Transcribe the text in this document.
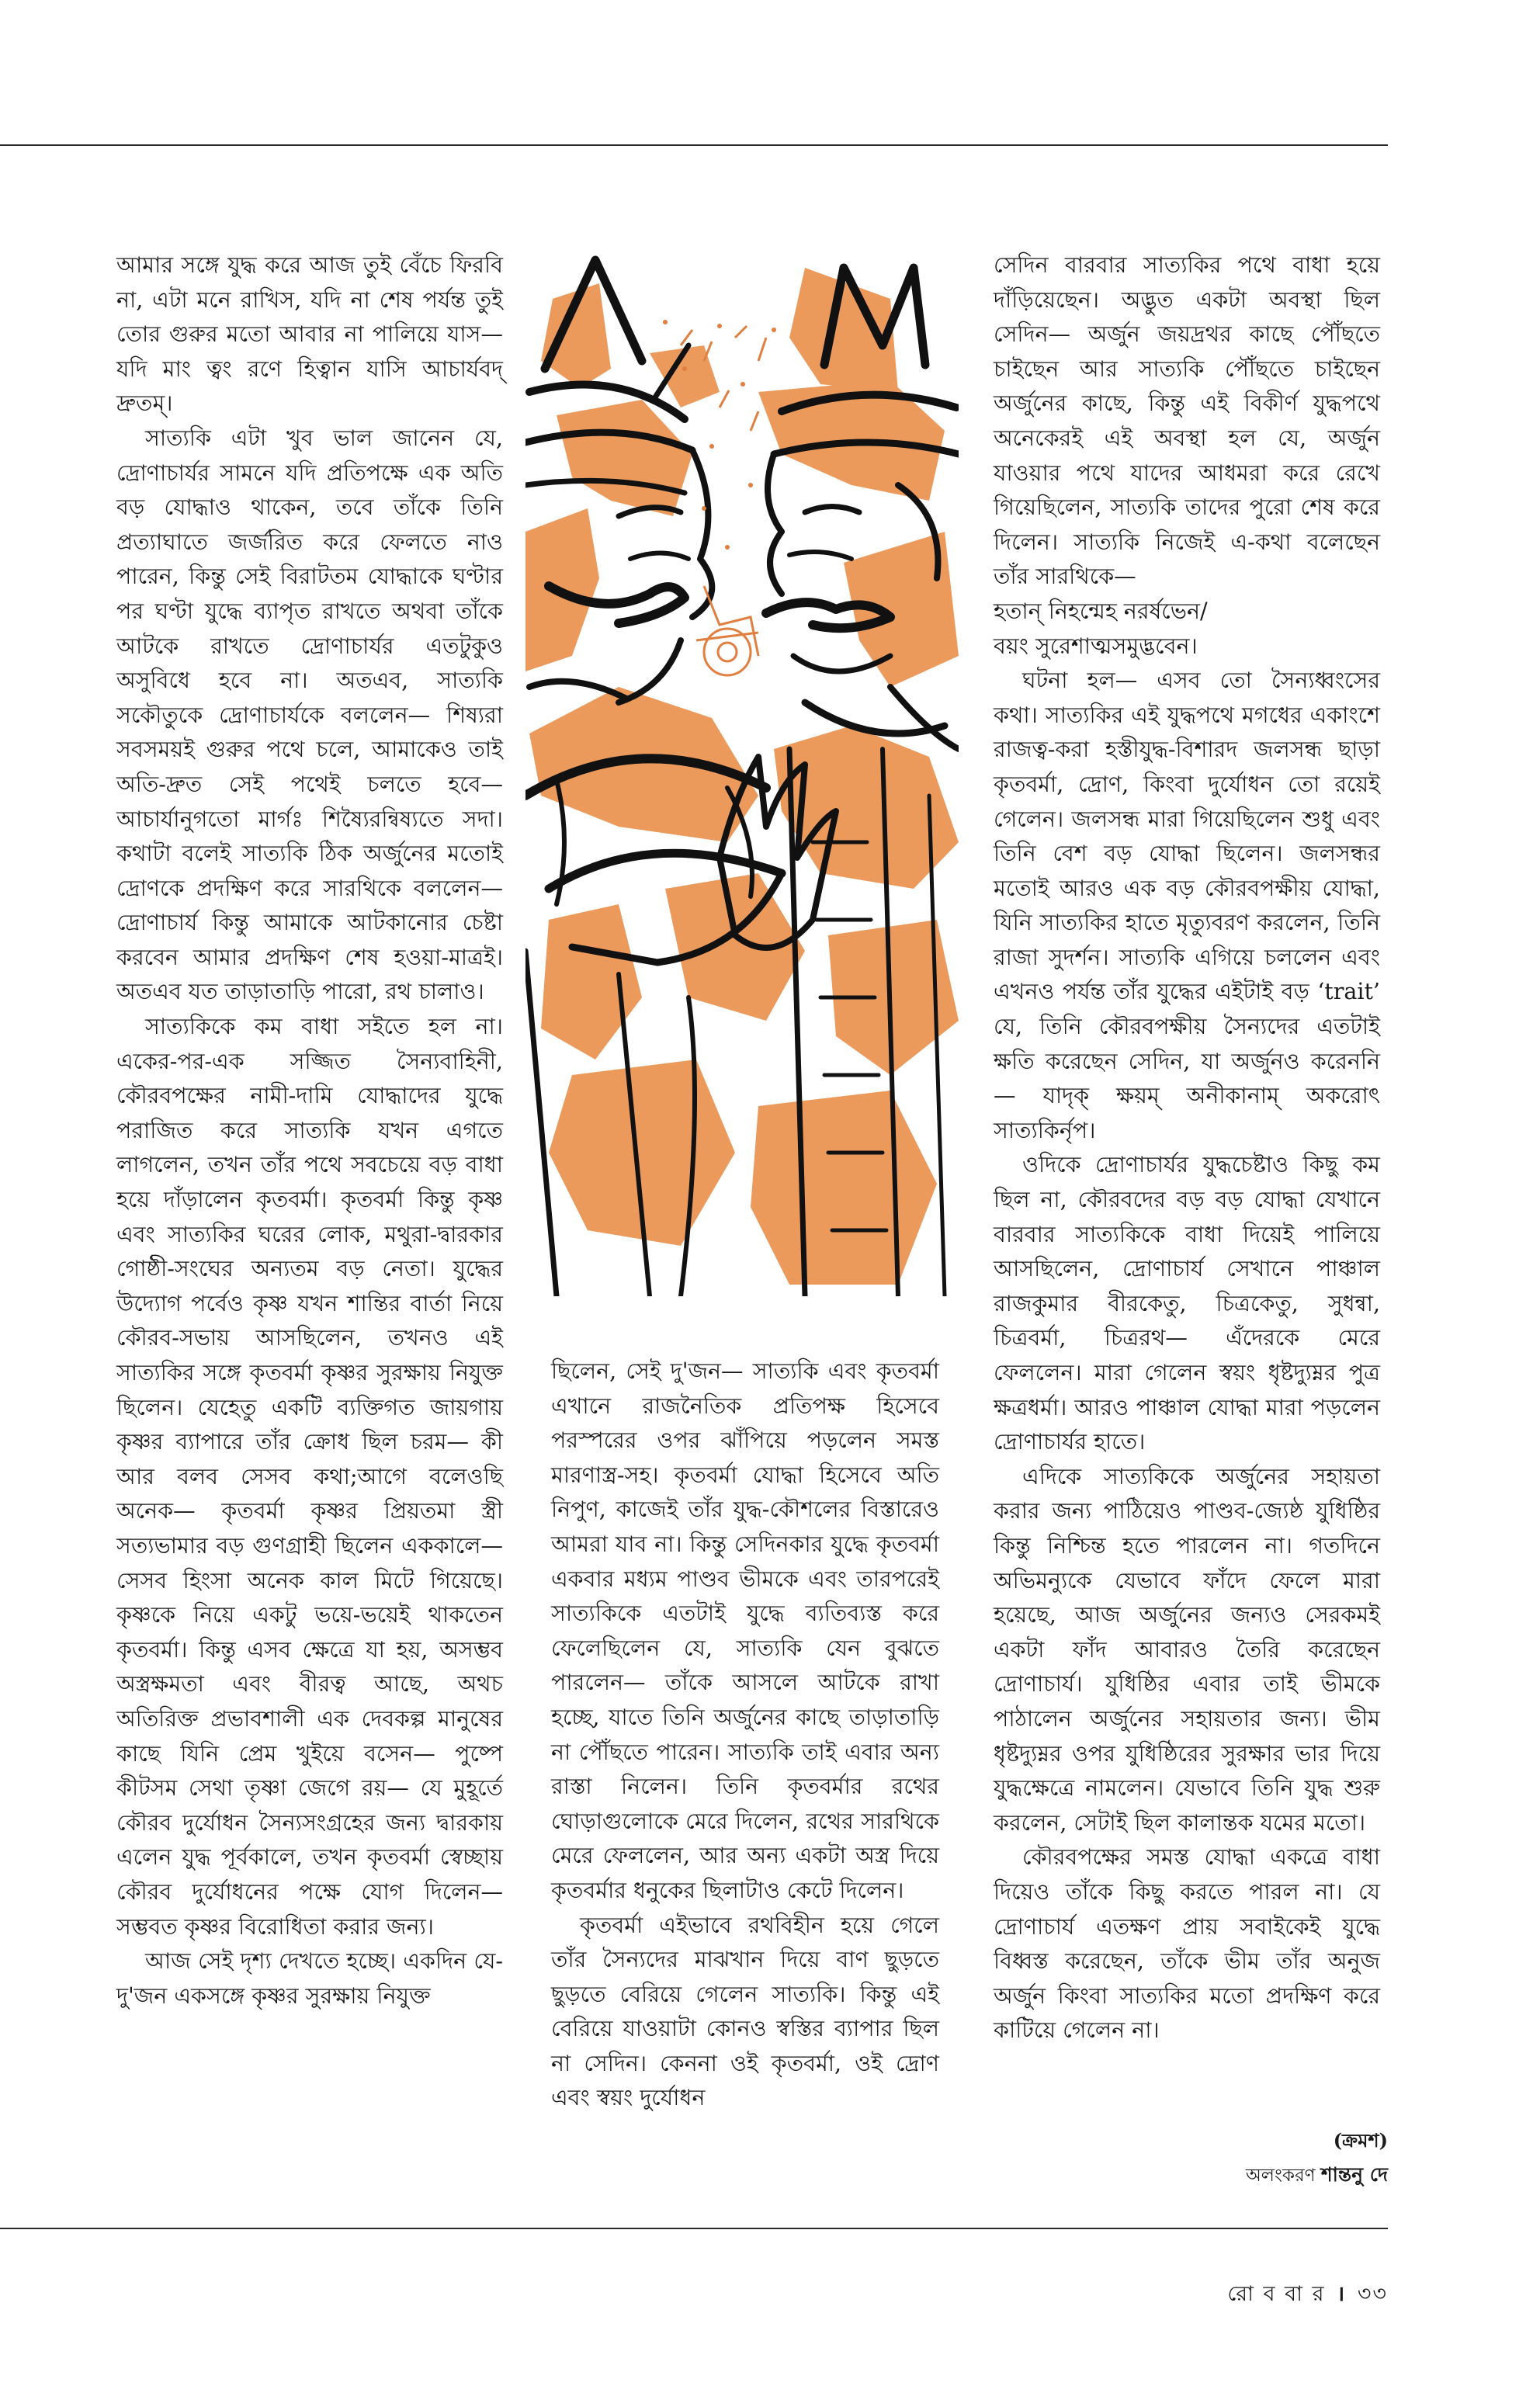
আমার সঙ্গে যুদ্ধ করে আজ তুই বেঁচে ফিরবি না, এটা মনে রাখিস, যদি না শেষ পর্যন্ত তুই তোর গুরুর মতো আবার না পালিয়ে যাস— যদি মাং ত্বং রণে হিত্বান যাসি আচার্যবদ্‌ দ্রুতম্‌।

সাত্যকি এটা খুব ভাল জানেন যে, দ্রোণাচার্যর সামনে যদি প্রতিপক্ষে এক অতি বড় যোদ্ধাও থাকেন, তবে তাঁকে তিনি প্রত্যাঘাতে জর্জরিত করে ফেলতে নাও পারেন, কিন্তু সেই বিরাটতম যোদ্ধাকে ঘণ্টার পর ঘণ্টা যুদ্ধে ব্যাপৃত রাখতে অথবা তাঁকে আটকে রাখতে দ্রোণাচার্যর এতটুকুও অসুবিধে হবে না। অতএব, সাত্যকি সকৌতুকে দ্রোণাচার্যকে বললেন— শিষ্যরা সবসময়ই গুরুর পথে চলে, আমাকেও তাই অতি-দ্রুত সেই পথেই চলতে হবে— আচার্যানুগতো মার্গঃ শিষ্যৈরন্বিষ্যতে সদা। কথাটা বলেই সাত্যকি ঠিক অর্জুনের মতোই দ্রোণকে প্রদক্ষিণ করে সারথিকে বললেন— দ্রোণাচার্য কিন্তু আমাকে আটকানোর চেষ্টা করবেন আমার প্রদক্ষিণ শেষ হওয়া-মাত্রই। অতএব যত তাড়াতাড়ি পারো, রথ চালাও।

সাত্যকিকে কম বাধা সইতে হল না। একের-পর-এক সজ্জিত সৈন্যবাহিনী, কৌরবপক্ষের নামী-দামি যোদ্ধাদের যুদ্ধে পরাজিত করে সাত্যকি যখন এগতে লাগলেন, তখন তাঁর পথে সবচেয়ে বড় বাধা হয়ে দাঁড়ালেন কৃতবর্মা। কৃতবর্মা কিন্তু কৃষ্ণ এবং সাত্যকির ঘরের লোক, মথুরা-দ্বারকার গোষ্ঠী-সংঘের অন্যতম বড় নেতা। যুদ্ধের উদ্যোগ পর্বেও কৃষ্ণ যখন শান্তির বার্তা নিয়ে কৌরব-সভায় আসছিলেন, তখনও এই সাত্যকির সঙ্গে কৃতবর্মা কৃষ্ণর সুরক্ষায় নিযুক্ত ছিলেন। যেহেতু একটি ব্যক্তিগত জায়গায় কৃষ্ণর ব্যাপারে তাঁর ক্রোধ ছিল চরম— কী আর বলব সেসব কথা;আগে বলেওছি অনেক— কৃতবর্মা কৃষ্ণর প্রিয়তমা স্ত্রী সত্যভামার বড় গুণগ্রাহী ছিলেন এককালে— সেসব হিংসা অনেক কাল মিটে গিয়েছে। কৃষ্ণকে নিয়ে একটু ভয়ে-ভয়েই থাকতেন কৃতবর্মা। কিন্তু এসব ক্ষেত্রে যা হয়, অসম্ভব অস্ত্রক্ষমতা এবং বীরত্ব আছে, অথচ অতিরিক্ত প্রভাবশালী এক দেবকল্প মানুষের কাছে যিনি প্রেম খুইয়ে বসেন— পুষ্পে কীটসম সেথা তৃষ্ণা জেগে রয়— যে মুহূর্তে কৌরব দুর্যোধন সৈন্যসংগ্রহের জন্য দ্বারকায় এলেন যুদ্ধ পূর্বকালে, তখন কৃতবর্মা স্বেচ্ছায় কৌরব দুর্যোধনের পক্ষে যোগ দিলেন— সম্ভবত কৃষ্ণর বিরোধিতা করার জন্য।

আজ সেই দৃশ্য দেখতে হচ্ছে। একদিন যে-দু'জন একসঙ্গে কৃষ্ণর সুরক্ষায় নিযুক্ত

ছিলেন, সেই দু'জন— সাত্যকি এবং কৃতবর্মা এখানে রাজনৈতিক প্রতিপক্ষ হিসেবে পরস্পরের ওপর ঝাঁপিয়ে পড়লেন সমস্ত মারণাস্ত্র-সহ। কৃতবর্মা যোদ্ধা হিসেবে অতি নিপুণ, কাজেই তাঁর যুদ্ধ-কৌশলের বিস্তারেও আমরা যাব না। কিন্তু সেদিনকার যুদ্ধে কৃতবর্মা একবার মধ্যম পাণ্ডব ভীমকে এবং তারপরেই সাত্যকিকে এতটাই যুদ্ধে ব্যতিব্যস্ত করে ফেলেছিলেন যে, সাত্যকি যেন বুঝতে পারলেন— তাঁকে আসলে আটকে রাখা হচ্ছে, যাতে তিনি অর্জুনের কাছে তাড়াতাড়ি না পৌঁছতে পারেন। সাত্যকি তাই এবার অন্য রাস্তা নিলেন। তিনি কৃতবর্মার রথের ঘোড়াগুলোকে মেরে দিলেন, রথের সারথিকে মেরে ফেললেন, আর অন্য একটা অস্ত্র দিয়ে কৃতবর্মার ধনুকের ছিলাটাও কেটে দিলেন।

কৃতবর্মা এইভাবে রথবিহীন হয়ে গেলে তাঁর সৈন্যদের মাঝখান দিয়ে বাণ ছুড়তে ছুড়তে বেরিয়ে গেলেন সাত্যকি। কিন্তু এই বেরিয়ে যাওয়াটা কোনও স্বস্তির ব্যাপার ছিল না সেদিন। কেননা ওই কৃতবর্মা, ওই দ্রোণ এবং স্বয়ং দুর্যোধন

সেদিন বারবার সাত্যকির পথে বাধা হয়ে দাঁড়িয়েছেন। অদ্ভুত একটা অবস্থা ছিল সেদিন— অর্জুন জয়দ্রথর কাছে পৌঁছতে চাইছেন আর সাত্যকি পৌঁছতে চাইছেন অর্জুনের কাছে, কিন্তু এই বিকীর্ণ যুদ্ধপথে অনেকেরই এই অবস্থা হল যে, অর্জুন যাওয়ার পথে যাদের আধমরা করে রেখে গিয়েছিলেন, সাত্যকি তাদের পুরো শেষ করে দিলেন। সাত্যকি নিজেই এ-কথা বলেছেন তাঁর সারথিকে—

হতান্‌ নিহন্মেহ নরর্ষভেন/

বয়ং সুরেশাত্মসমুদ্ভবেন।

ঘটনা হল— এসব তো সৈন্যধ্বংসের কথা। সাত্যকির এই যুদ্ধপথে মগধের একাংশে রাজত্ব-করা হস্তীযুদ্ধ-বিশারদ জলসন্ধ ছাড়া কৃতবর্মা, দ্রোণ, কিংবা দুর্যোধন তো রয়েই গেলেন। জলসন্ধ মারা গিয়েছিলেন শুধু এবং তিনি বেশ বড় যোদ্ধা ছিলেন। জলসন্ধর মতোই আরও এক বড় কৌরবপক্ষীয় যোদ্ধা, যিনি সাত্যকির হাতে মৃত্যুবরণ করলেন, তিনি রাজা সুদর্শন। সাত্যকি এগিয়ে চললেন এবং এখনও পর্যন্ত তাঁর যুদ্ধের এইটাই বড় ‘trait’ যে, তিনি কৌরবপক্ষীয় সৈন্যদের এতটাই ক্ষতি করেছেন সেদিন, যা অর্জুনও করেননি— যাদৃক্‌ ক্ষয়ম্‌ অনীকানাম্‌ অকরোৎ সাত্যকির্নৃপ।

ওদিকে দ্রোণাচার্যর যুদ্ধচেষ্টাও কিছু কম ছিল না, কৌরবদের বড় বড় যোদ্ধা যেখানে বারবার সাত্যকিকে বাধা দিয়েই পালিয়ে আসছিলেন, দ্রোণাচার্য সেখানে পাঞ্চাল রাজকুমার বীরকেতু, চিত্রকেতু, সুধন্বা, চিত্রবর্মা, চিত্ররথ— এঁদেরকে মেরে ফেললেন। মারা গেলেন স্বয়ং ধৃষ্টদ্যুম্নর পুত্র ক্ষত্রধর্মা। আরও পাঞ্চাল যোদ্ধা মারা পড়লেন দ্রোণাচার্যর হাতে।

এদিকে সাত্যকিকে অর্জুনের সহায়তা করার জন্য পাঠিয়েও পাণ্ডব-জ্যেষ্ঠ যুধিষ্ঠির কিন্তু নিশ্চিন্ত হতে পারলেন না। গতদিনে অভিমন্যুকে যেভাবে ফাঁদে ফেলে মারা হয়েছে, আজ অর্জুনের জন্যও সেরকমই একটা ফাঁদ আবারও তৈরি করেছেন দ্রোণাচার্য। যুধিষ্ঠির এবার তাই ভীমকে পাঠালেন অর্জুনের সহায়তার জন্য। ভীম ধৃষ্টদ্যুম্নর ওপর যুধিষ্ঠিরের সুরক্ষার ভার দিয়ে যুদ্ধক্ষেত্রে নামলেন। যেভাবে তিনি যুদ্ধ শুরু করলেন, সেটাই ছিল কালান্তক যমের মতো।

কৌরবপক্ষের সমস্ত যোদ্ধা একত্রে বাধা দিয়েও তাঁকে কিছু করতে পারল না। যে দ্রোণাচার্য এতক্ষণ প্রায় সবাইকেই যুদ্ধে বিধ্বস্ত করেছেন, তাঁকে ভীম তাঁর অনুজ অর্জুন কিংবা সাত্যকির মতো প্রদক্ষিণ করে কাটিয়ে গেলেন না।

(ক্রমশ)
অলংকরণ শান্তনু দে
রো ব বা র । ৩৩
